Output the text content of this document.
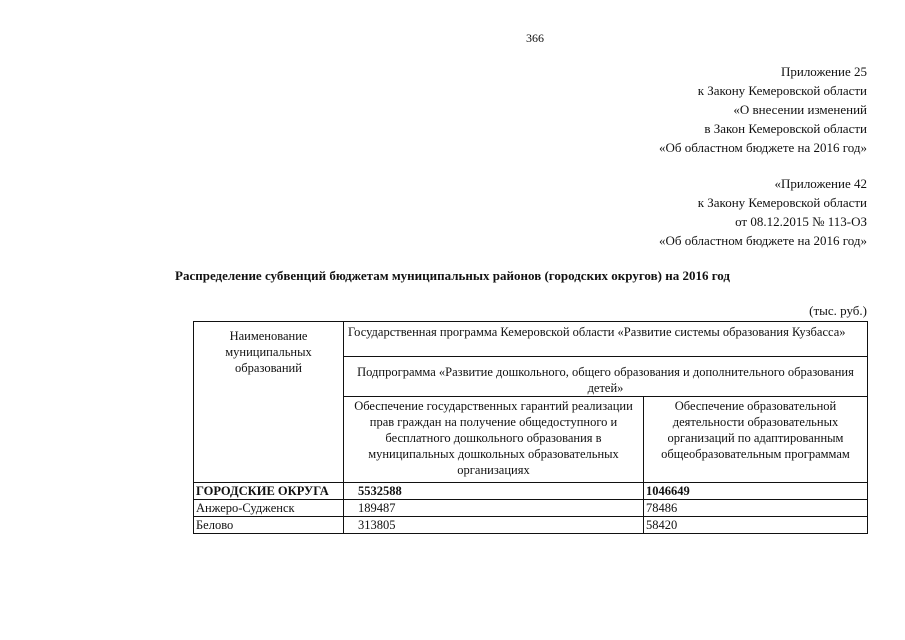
366
Приложение 25
к Закону Кемеровской области
«О внесении изменений
в Закон Кемеровской области
«Об областном бюджете на 2016 год»
«Приложение 42
к Закону Кемеровской области
от 08.12.2015 № 113-ОЗ
«Об областном бюджете на 2016 год»
Распределение субвенций бюджетам муниципальных районов (городских округов) на 2016 год
(тыс. руб.)
Наименование муниципальных образований	Государственная программа Кемеровской области «Развитие системы образования Кузбасса»	
	Подпрограмма «Развитие дошкольного, общего образования и дополнительного образования детей»	
	Обеспечение государственных гарантий реализации прав граждан на получение общедоступного и бесплатного дошкольного образования в муниципальных дошкольных образовательных организациях	Обеспечение образовательной деятельности образовательных организаций по адаптированным общеобразовательным программам
ГОРОДСКИЕ ОКРУГА	5532588	1046649
Анжеро-Судженск	189487	78486
Белово	313805	58420
